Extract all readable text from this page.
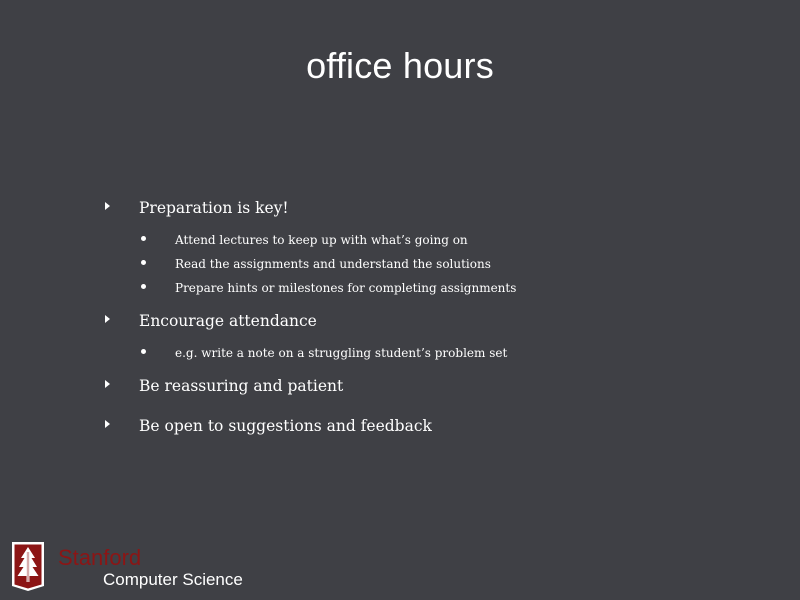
office hours
Preparation is key!
Attend lectures to keep up with what’s going on
Read the assignments and understand the solutions
Prepare hints or milestones for completing assignments
Encourage attendance
e.g. write a note on a struggling student’s problem set
Be reassuring and patient
Be open to suggestions and feedback
Stanford
Computer Science
